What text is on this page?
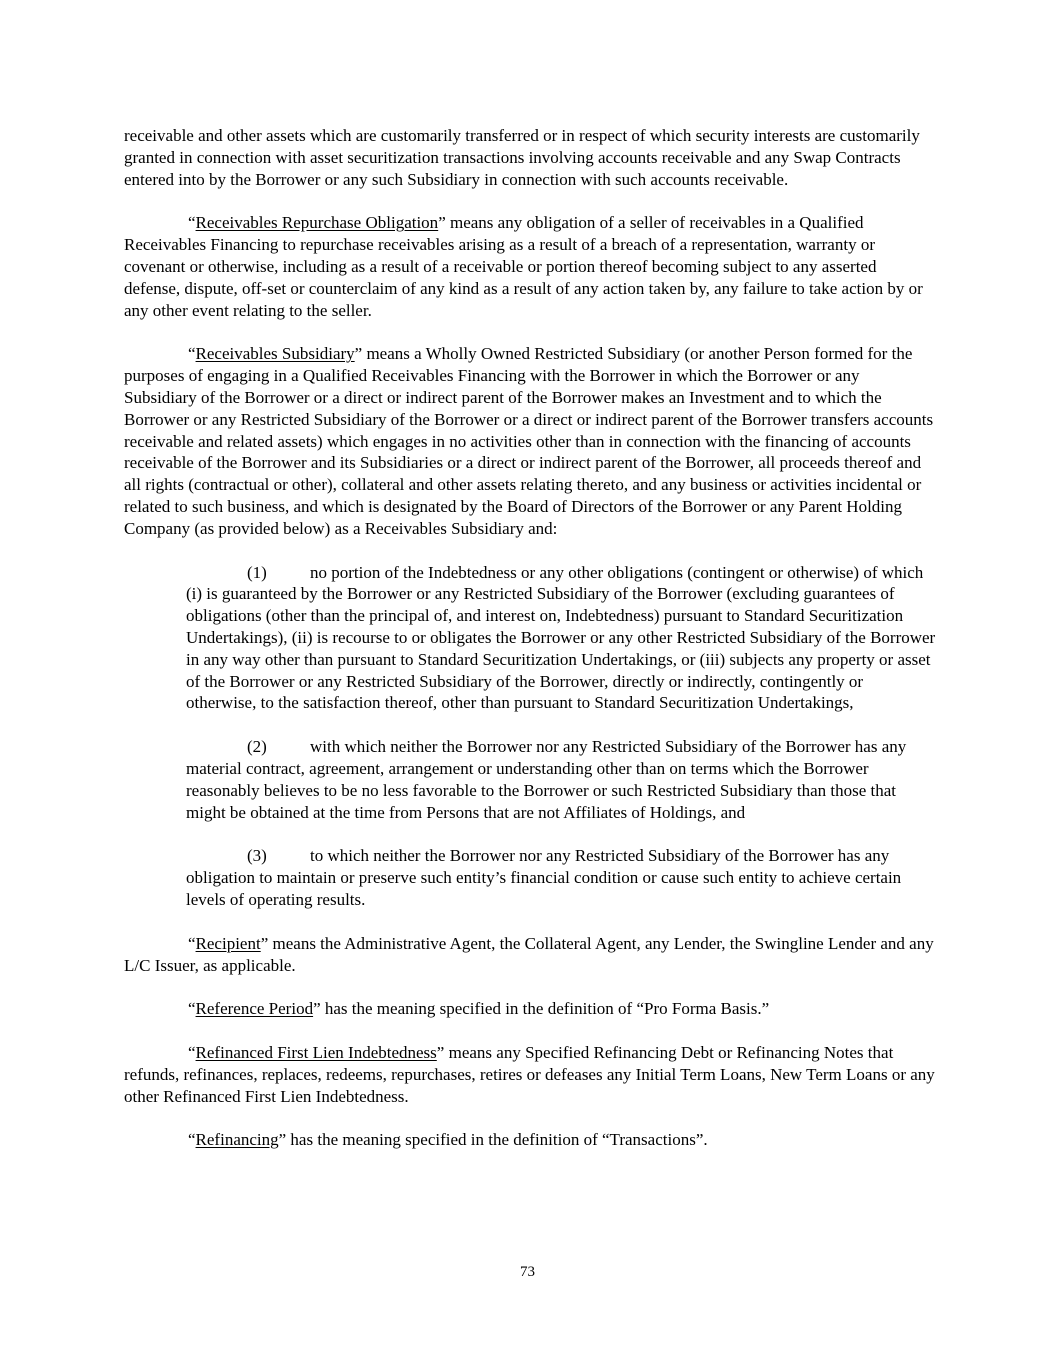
receivable and other assets which are customarily transferred or in respect of which security interests are customarily granted in connection with asset securitization transactions involving accounts receivable and any Swap Contracts entered into by the Borrower or any such Subsidiary in connection with such accounts receivable.

“Receivables Repurchase Obligation” means any obligation of a seller of receivables in a Qualified Receivables Financing to repurchase receivables arising as a result of a breach of a representation, warranty or covenant or otherwise, including as a result of a receivable or portion thereof becoming subject to any asserted defense, dispute, off-set or counterclaim of any kind as a result of any action taken by, any failure to take action by or any other event relating to the seller.

“Receivables Subsidiary” means a Wholly Owned Restricted Subsidiary (or another Person formed for the purposes of engaging in a Qualified Receivables Financing with the Borrower in which the Borrower or any Subsidiary of the Borrower or a direct or indirect parent of the Borrower makes an Investment and to which the Borrower or any Restricted Subsidiary of the Borrower or a direct or indirect parent of the Borrower transfers accounts receivable and related assets) which engages in no activities other than in connection with the financing of accounts receivable of the Borrower and its Subsidiaries or a direct or indirect parent of the Borrower, all proceeds thereof and all rights (contractual or other), collateral and other assets relating thereto, and any business or activities incidental or related to such business, and which is designated by the Board of Directors of the Borrower or any Parent Holding Company (as provided below) as a Receivables Subsidiary and:

(1)	no portion of the Indebtedness or any other obligations (contingent or otherwise) of which (i) is guaranteed by the Borrower or any Restricted Subsidiary of the Borrower (excluding guarantees of obligations (other than the principal of, and interest on, Indebtedness) pursuant to Standard Securitization Undertakings), (ii) is recourse to or obligates the Borrower or any other Restricted Subsidiary of the Borrower in any way other than pursuant to Standard Securitization Undertakings, or (iii) subjects any property or asset of the Borrower or any Restricted Subsidiary of the Borrower, directly or indirectly, contingently or otherwise, to the satisfaction thereof, other than pursuant to Standard Securitization Undertakings,

(2)	with which neither the Borrower nor any Restricted Subsidiary of the Borrower has any material contract, agreement, arrangement or understanding other than on terms which the Borrower reasonably believes to be no less favorable to the Borrower or such Restricted Subsidiary than those that might be obtained at the time from Persons that are not Affiliates of Holdings, and

(3)	to which neither the Borrower nor any Restricted Subsidiary of the Borrower has any obligation to maintain or preserve such entity’s financial condition or cause such entity to achieve certain levels of operating results.

“Recipient” means the Administrative Agent, the Collateral Agent, any Lender, the Swingline Lender and any L/C Issuer, as applicable.

“Reference Period” has the meaning specified in the definition of “Pro Forma Basis.”

“Refinanced First Lien Indebtedness” means any Specified Refinancing Debt or Refinancing Notes that refunds, refinances, replaces, redeems, repurchases, retires or defeases any Initial Term Loans, New Term Loans or any other Refinanced First Lien Indebtedness.

“Refinancing” has the meaning specified in the definition of “Transactions”.

73
